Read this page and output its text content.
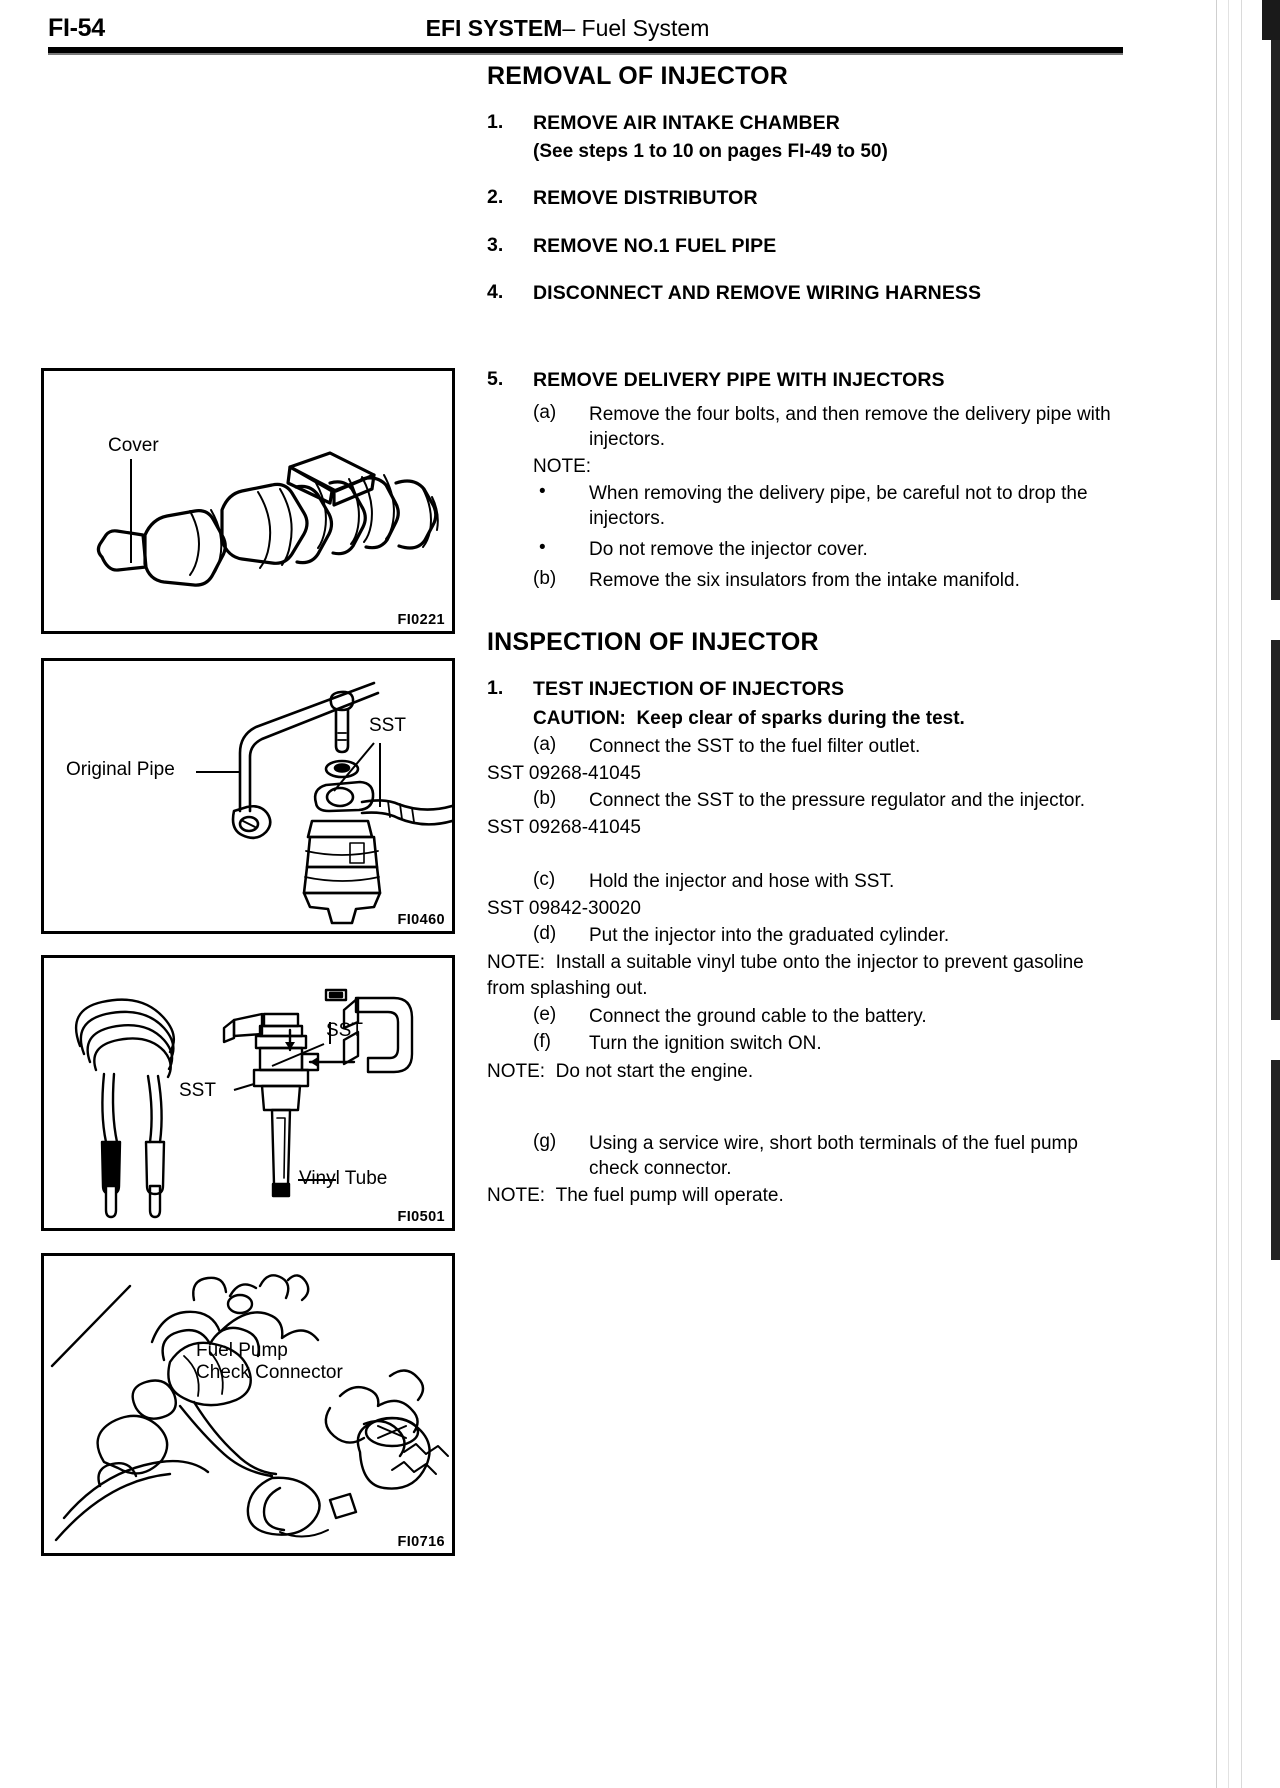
FI-54	EFI SYSTEM– Fuel System
Cover
FI0221
Original Pipe
SST
FI0460
SST
SST
Vinyl Tube
FI0501
Fuel Pump
Check Connector
FI0716
REMOVAL OF INJECTOR
1.	REMOVE AIR INTAKE CHAMBER
(See steps 1 to 10 on pages FI-49 to 50)
2.	REMOVE DISTRIBUTOR
3.	REMOVE NO.1 FUEL PIPE
4.	DISCONNECT AND REMOVE WIRING HARNESS
5.	REMOVE DELIVERY PIPE WITH INJECTORS
(a)	Remove the four bolts, and then remove the delivery pipe with injectors.
NOTE:
•	When removing the delivery pipe, be careful not to drop the injectors.
•	Do not remove the injector cover.
(b)	Remove the six insulators from the intake manifold.
INSPECTION OF INJECTOR
1.	TEST INJECTION OF INJECTORS
CAUTION: Keep clear of sparks during the test.
(a)	Connect the SST to the fuel filter outlet.
SST 09268-41045
(b)	Connect the SST to the pressure regulator and the injector.
SST 09268-41045
(c)	Hold the injector and hose with SST.
SST 09842-30020
(d)	Put the injector into the graduated cylinder.
NOTE: Install a suitable vinyl tube onto the injector to prevent gasoline from splashing out.
(e)	Connect the ground cable to the battery.
(f)	Turn the ignition switch ON.
NOTE: Do not start the engine.
(g)	Using a service wire, short both terminals of the fuel pump check connector.
NOTE: The fuel pump will operate.
